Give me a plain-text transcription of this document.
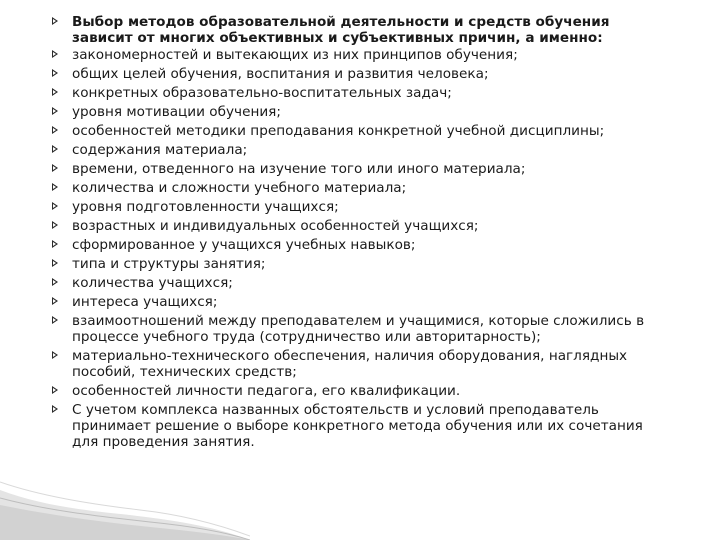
Выбор методов образовательной деятельности и средств обучения зависит от многих объективных и субъективных причин, а именно:
закономерностей и вытекающих из них принципов обучения;
общих целей обучения, воспитания и развития человека;
конкретных образовательно-воспитательных задач;
уровня мотивации обучения;
особенностей методики преподавания конкретной учебной дисциплины;
содержания материала;
времени, отведенного на изучение того или иного материала;
количества и сложности учебного материала;
уровня подготовленности учащихся;
возрастных и индивидуальных особенностей учащихся;
сформированное у учащихся учебных навыков;
типа и структуры занятия;
количества учащихся;
интереса учащихся;
взаимоотношений между преподавателем и учащимися, которые сложились в процессе учебного труда (сотрудничество или авторитарность);
материально-технического обеспечения, наличия оборудования, наглядных пособий, технических средств;
особенностей личности педагога, его квалификации.
С учетом комплекса названных обстоятельств и условий преподаватель принимает решение о выборе конкретного метода обучения или их сочетания для проведения занятия.
